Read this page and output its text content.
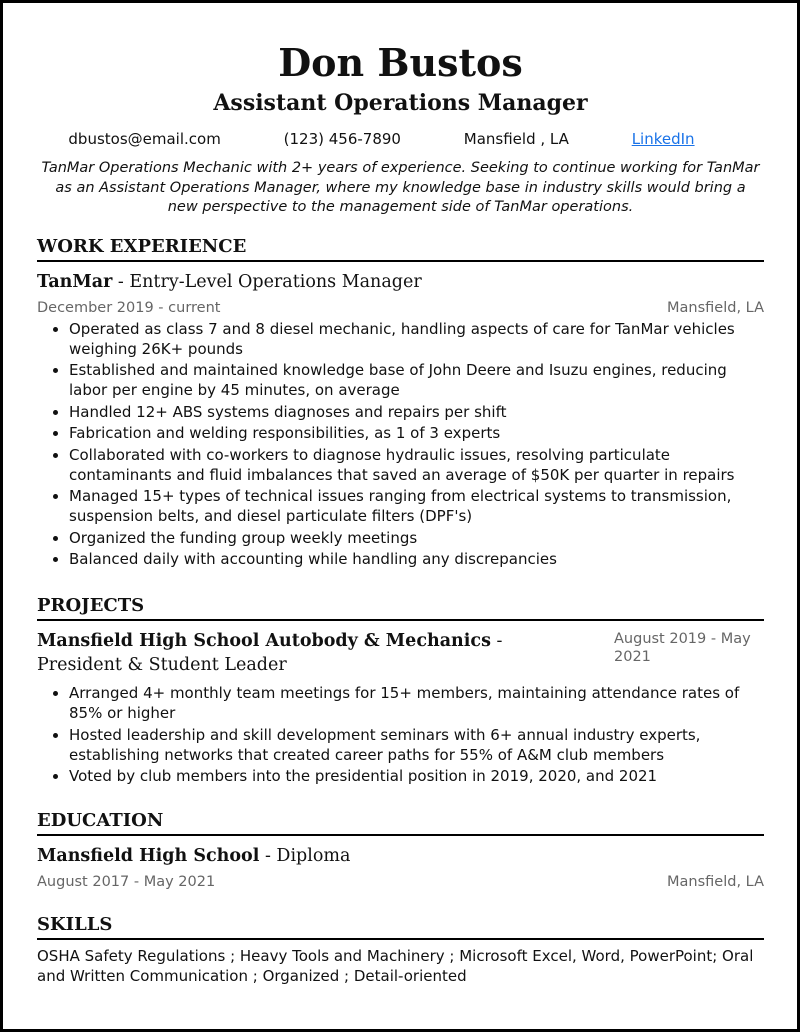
Don Bustos
Assistant Operations Manager
dbustos@email.com	(123) 456-7890	Mansfield , LA	LinkedIn
TanMar Operations Mechanic with 2+ years of experience. Seeking to continue working for TanMar as an Assistant Operations Manager, where my knowledge base in industry skills would bring a new perspective to the management side of TanMar operations.
WORK EXPERIENCE
TanMar - Entry-Level Operations Manager
December 2019 - current	Mansfield, LA
• Operated as class 7 and 8 diesel mechanic, handling aspects of care for TanMar vehicles weighing 26K+ pounds
• Established and maintained knowledge base of John Deere and Isuzu engines, reducing labor per engine by 45 minutes, on average
• Handled 12+ ABS systems diagnoses and repairs per shift
• Fabrication and welding responsibilities, as 1 of 3 experts
• Collaborated with co-workers to diagnose hydraulic issues, resolving particulate contaminants and fluid imbalances that saved an average of $50K per quarter in repairs
• Managed 15+ types of technical issues ranging from electrical systems to transmission, suspension belts, and diesel particulate filters (DPF's)
• Organized the funding group weekly meetings
• Balanced daily with accounting while handling any discrepancies
PROJECTS
Mansfield High School Autobody & Mechanics -
President & Student Leader
August 2019 - May 2021
• Arranged 4+ monthly team meetings for 15+ members, maintaining attendance rates of 85% or higher
• Hosted leadership and skill development seminars with 6+ annual industry experts, establishing networks that created career paths for 55% of A&M club members
• Voted by club members into the presidential position in 2019, 2020, and 2021
EDUCATION
Mansfield High School - Diploma
August 2017 - May 2021	Mansfield, LA
SKILLS
OSHA Safety Regulations ; Heavy Tools and Machinery ; Microsoft Excel, Word, PowerPoint; Oral and Written Communication ; Organized ; Detail-oriented
